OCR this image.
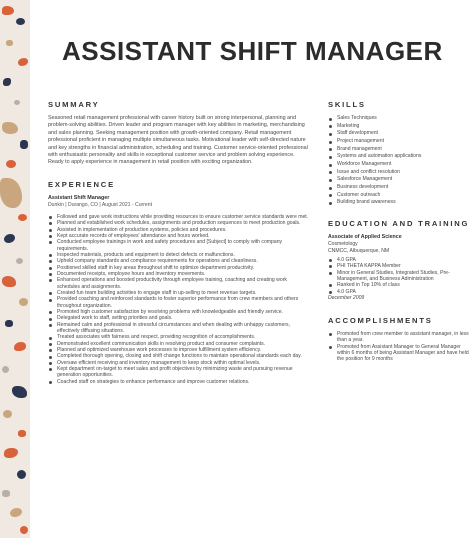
ASSISTANT SHIFT MANAGER
SUMMARY

Seasoned retail management professional with career history built on strong interpersonal, planning and problem-solving abilities. Driven leader and program manager with key abilities in marketing, merchandising and sales planning. Seeking management position with growth-oriented company. Retail management professional proficient in managing multiple simultaneous tasks. Motivational leader with self-directed nature and key strengths in financial administration, scheduling and training. Customer service-oriented professional with enthusiastic personality and skills in exceptional customer service and problem solving experience. Ready to apply experience in management in retail position with exciting organization.

EXPERIENCE

Assistant Shift Manager

Dunkin | Durango, CO | August 2021 - Current

Followed and gave work instructions while providing resources to ensure customer service standards were met.
Planned and established work schedules, assignments and production sequences to meet production goals.
Assisted in implementation of production systems, policies and procedures.
Kept accurate records of employees' attendance and hours worked.
Conducted employee trainings in work and safety procedures and [Subject] to comply with company requirements.
Inspected materials, products and equipment to detect defects or malfunctions.
Upheld company standards and compliance requirements for operations and cleanliness.
Positioned skilled staff in key areas throughout shift to optimize department productivity.
Documented receipts, employee hours and inventory movements.
Enhanced operations and boosted productivity through employee training, coaching and creating work schedules and assignments.
Created fun team building activities to engage staff in up-selling to meet revenue targets.
Provided coaching and reinforced standards to foster superior performance from crew members and others throughout organization.
Promoted high customer satisfaction by resolving problems with knowledgeable and friendly service.
Delegated work to staff, setting priorities and goals.
Remained calm and professional in stressful circumstances and when dealing with unhappy customers, effectively diffusing situations.
Treated associates with fairness and respect, providing recognition of accomplishments.
Demonstrated excellent communication skills in resolving product and consumer complaints.
Planned and optimized warehouse work processes to improve fulfillment system efficiency.
Completed thorough opening, closing and shift change functions to maintain operational standards each day.
Oversaw efficient receiving and inventory management to keep stock within optimal levels.
Kept department on-target to meet sales and profit objectives by minimizing waste and pursuing revenue generation opportunities.
Coached staff on strategies to enhance performance and improve customer relations.
SKILLS
Sales Techniques
Marketing
Staff development
Project management
Brand management
Systems and automation applications
Workforce Management
Issue and conflict resolution
Salesforce Management
Business development
Customer outreach
Building brand awareness
EDUCATION AND TRAINING

Associate of Applied Science

Cosmetology

CNMCC, Albuquerque, NM

4.0 GPA
PHI THETA KAPPA Member
Minor in General Studies, Integrated Studies, Pre-Management, and Business Administration
Ranked in Top 10% of class
4.0 GPA

December 2009

ACCOMPLISHMENTS
Promoted from crew member to assistant manager, in less than a year.
Promoted from Assistant Manager to General Manager within 6 months of being Assistant Manager and have held the position for 9 months
